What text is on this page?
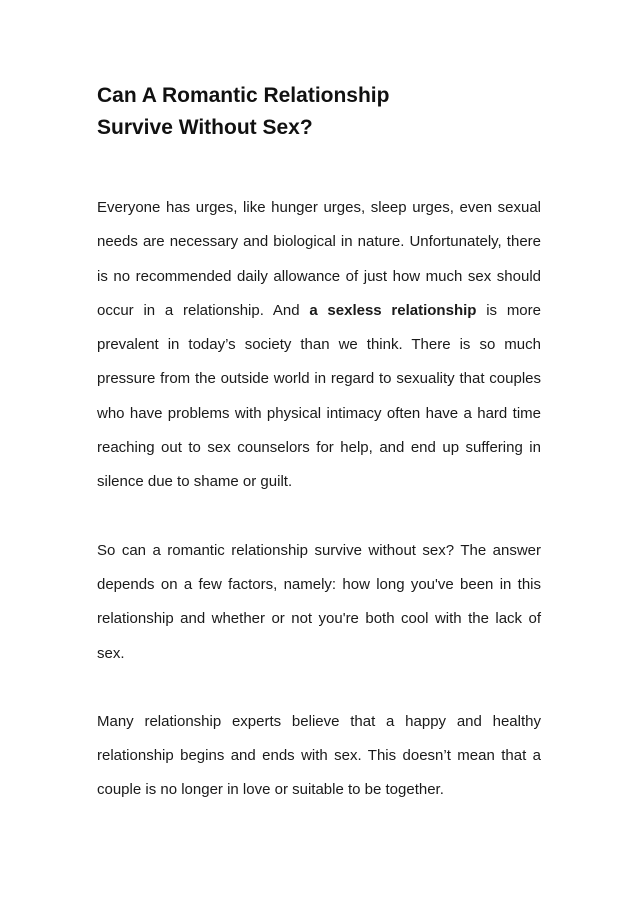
Can A Romantic Relationship
Survive Without Sex?

Everyone has urges, like hunger urges, sleep urges, even sexual needs are necessary and biological in nature. Unfortunately, there is no recommended daily allowance of just how much sex should occur in a relationship. And a sexless relationship is more prevalent in today’s society than we think. There is so much pressure from the outside world in regard to sexuality that couples who have problems with physical intimacy often have a hard time reaching out to sex counselors for help, and end up suffering in silence due to shame or guilt.

So can a romantic relationship survive without sex? The answer depends on a few factors, namely: how long you've been in this relationship and whether or not you're both cool with the lack of sex.

Many relationship experts believe that a happy and healthy relationship begins and ends with sex. This doesn’t mean that a couple is no longer in love or suitable to be together.
